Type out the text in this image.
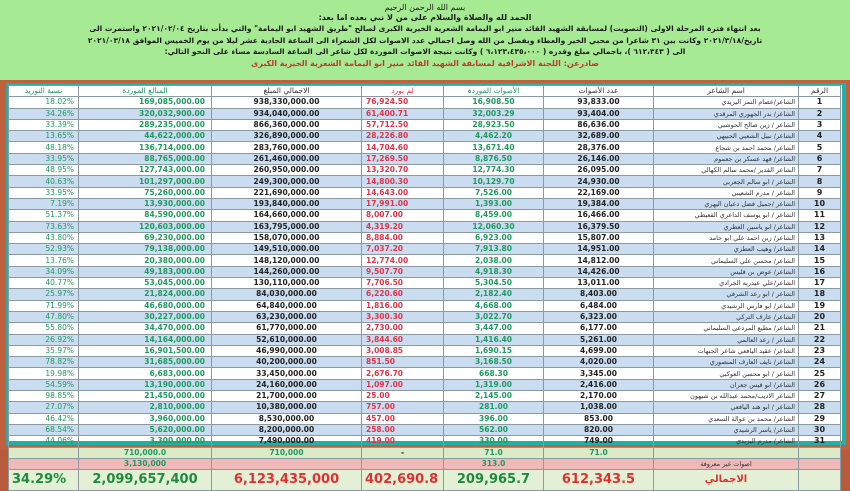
بسم الله الرحمن الرحيم
الحمد لله والصلاة والسلام على من لا نبي بعده اما بعد:
بعد انتهاء فترة المرحلة الاولى (التصويت) لمسابقة الشهيد القائد منير ابو اليمامة الشعرية الخيرية الكبرى لصالح "طريق الشهيد ابو اليمامة" والتي بدأت بتاريخ ٢٠٢١/٠٢/٠٤ واستمرت الى
تاريخ/٢٠٢١/٣/١٨ وكانت بين ٣١ شاعرا من محبي الخير والعطاء وبفضل من الله وصل اجمالي عدد الاصوات لكل الشعراء الى الساعة الحادية عشر ليلا من يوم الخميس الموافق ٢٠٢١/٠٣/١٨
الى ( ٦١٢،٣٤٣ )، باجمالي مبلغ وقدره ( ٦،١٢٣،٤٣٥،٠٠٠ ) وكانت نتيجة الاصوات الموردة لكل شاعر الى الساعة السادسة مساء على النحو التالي:
صادرعن: اللجنة الاشرافية لمسابقة الشهيد القائد منير ابو اليمامة الشعرية الخيرية الكبرى
الرقم	اسم الشاعر	عدد الأصوات	الأصوات الموردة	لم يورد	الاجمالي المبلغ	المبالغ الموردة	نسبة التوريد
1	الشاعر/عصام النمر اليزيدي	93,833.00	16,908.50	76,924.50	938,330,000.00	169,085,000.00	18.02%
2	الشاعر/ بدر الجهوري المرقدي	93,404.00	32,003.29	61,400.71	934,040,000.00	320,032,900.00	34.26%
3	الشاعر / زين صالح الحوشبي	86,636.00	28,923.50	57,712.50	866,360,000.00	289,235,000.00	33.39%
4	الشاعر/ نبيل الشعبي الحبيهي	32,689.00	4,462.20	28,226.80	326,890,000.00	44,622,000.00	13.65%
5	الشاعر/ محمد احمد بن شجاع	28,376.00	13,671.40	14,704.60	283,760,000.00	136,714,000.00	48.18%
6	الشاعر/ فهد عسكر بن جعموم	26,146.00	8,876.50	17,269.50	261,460,000.00	88,765,000.00	33.95%
7	الشاعر القدير /محمد سالم الكهالي	26,095.00	12,774.30	13,320.70	260,950,000.00	127,743,000.00	48.95%
8	الشاعر / ابو سالم الجعربي	24,930.00	10,129.70	14,800.30	249,300,000.00	101,297,000.00	40.63%
9	الشاعر / مدرم الشعيبي	22,169.00	7,526.00	14,643.00	221,690,000.00	75,260,000.00	33.95%
10	الشاعر /جميل فضل دعيان اليهري	19,384.00	1,393.00	17,991.00	193,840,000.00	13,930,000.00	7.19%
11	الشاعر / ابو يوسف الداعري القعيطي	16,466.00	8,459.00	8,007.00	164,660,000.00	84,590,000.00	51.37%
12	الشاعر/ ابو ياسين العطري	16,379.50	12,060.30	4,319.20	163,795,000.00	120,603,000.00	73.63%
13	الشاعر/ زين احمد علي ابو حامد	15,807.00	6,923.00	8,884.00	158,070,000.00	69,230,000.00	43.80%
14	الشاعر/ وهيب العطري	14,951.00	7,913.80	7,037.20	149,510,000.00	79,138,000.00	52.93%
15	الشاعر/ محسن علي السليماني	14,812.00	2,038.00	12,774.00	148,120,000.00	20,380,000.00	13.76%
16	الشاعر/ عوض بن قليس	14,426.00	4,918.30	9,507.70	144,260,000.00	49,183,000.00	34.09%
17	الشاعر/علي عيدريه الجرادي	13,011.00	5,304.50	7,706.50	130,110,000.00	53,045,000.00	40.77%
18	الشاعر / ابو رعد الشرفي	8,403.00	2,182.40	6,220.60	84,030,000.00	21,824,000.00	25.97%
19	الشاعر/ ابو فارس الرشيدي	6,484.00	4,668.00	1,816.00	64,840,000.00	46,680,000.00	71.99%
20	الشاعر/ عارف التركي	6,323.00	3,022.70	3,300.30	63,230,000.00	30,227,000.00	47.80%
21	الشاعر/ مطيع المردعي السليماني	6,177.00	3,447.00	2,730.00	61,770,000.00	34,470,000.00	55.80%
22	الشاعر / رعد العالمي	5,261.00	1,416.40	3,844.60	52,610,000.00	14,164,000.00	26.92%
23	الشاعر/ عقيد اليافعي شاعر الجبهات	4,699.00	1,690.15	3,008.85	46,990,000.00	16,901,500.00	35.97%
24	الشاعر/ نايف العارف المنصوري	4,020.00	3,168.50	851.50	40,200,000.00	31,685,000.00	78.82%
25	الشاعر / ابو محسن العوكبي	3,345.00	668.30	2,676.70	33,450,000.00	6,683,000.00	19.98%
26	الشاعر/ ابو قيس جعران	2,416.00	1,319.00	1,097.00	24,160,000.00	13,190,000.00	54.59%
27	الشاعر الاديب/محمد عبدالله بن شيهون	2,170.00	2,145.00	25.00	21,700,000.00	21,450,000.00	98.85%
28	الشاعر / ابو هند اليافعي	1,038.00	281.00	757.00	10,380,000.00	2,810,000.00	27.07%
29	الشاعر/ محمد بن عوالة السعدي	853.00	396.00	457.00	8,530,000.00	3,960,000.00	46.42%
30	الشاعر/ ياسر الرشيدي	820.00	562.00	258.00	8,200,000.00	5,620,000.00	68.54%
31	الشاعر/ مدرم اليزيدي	749.00	330.00	419.00	7,490,000.00	3,300,000.00	44.06%
		71.0	71.0	-	710,000	710,000.0	
	اصوات غير معروفة		313.0			3,130,000	
	الاجمالي	612,343.5	209,965.7	402,690.8	6,123,435,000	2,099,657,400	34.29%
